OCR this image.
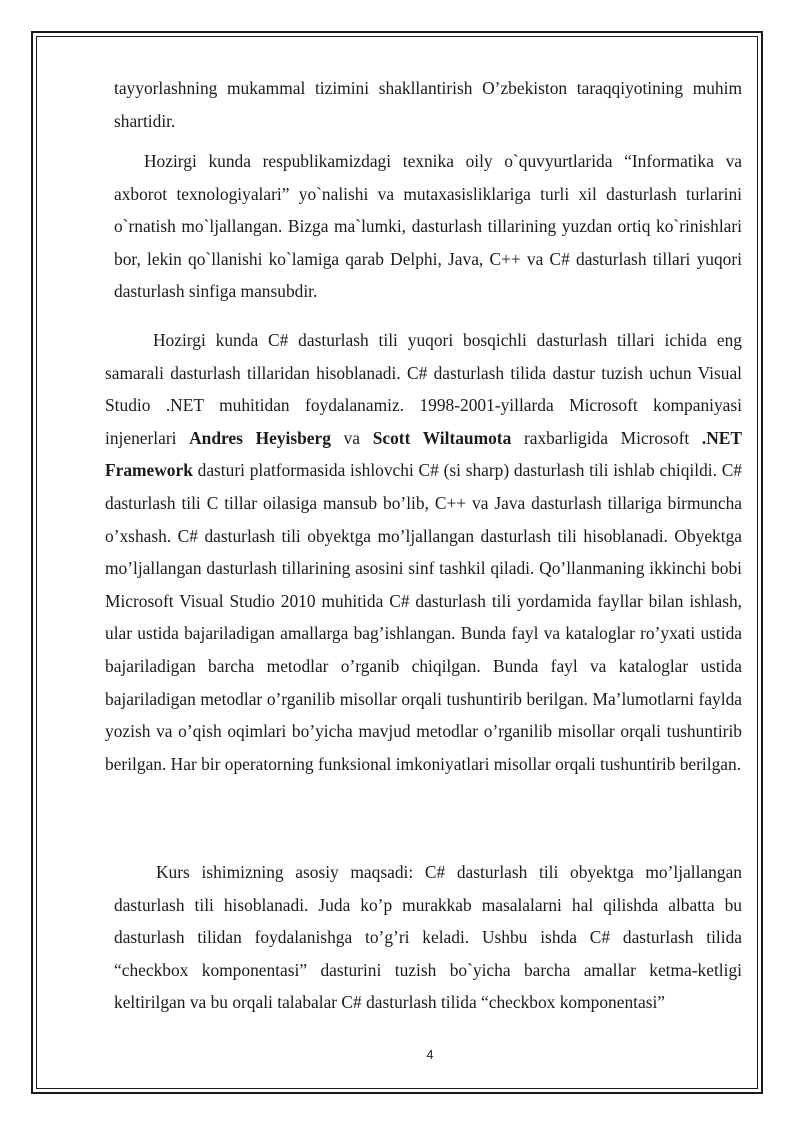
tayyorlashning mukammal tizimini shakllantirish O’zbekiston taraqqiyotining muhim shartidir.

Hozirgi kunda respublikamizdagi texnika oily o`quvyurtlarida “Informatika va axborot texnologiyalari” yo`nalishi va mutaxasisliklariga turli xil dasturlash turlarini o`rnatish mo`ljallangan. Bizga ma`lumki, dasturlash tillarining yuzdan ortiq ko`rinishlari bor, lekin qo`llanishi ko`lamiga qarab Delphi, Java, C++ va C# dasturlash tillari yuqori dasturlash sinfiga mansubdir.

Hozirgi kunda C# dasturlash tili yuqori bosqichli dasturlash tillari ichida eng samarali dasturlash tillaridan hisoblanadi. C# dasturlash tilida dastur tuzish uchun Visual Studio .NET muhitidan foydalanamiz. 1998-2001-yillarda Microsoft kompaniyasi injenerlari Andres Heyisberg va Scott Wiltaumota raxbarligida Microsoft .NET Framework dasturi platformasida ishlovchi C# (si sharp) dasturlash tili ishlab chiqildi. C# dasturlash tili C tillar oilasiga mansub bo’lib, C++ va Java dasturlash tillariga birmuncha o’xshash. C# dasturlash tili obyektga mo’ljallangan dasturlash tili hisoblanadi. Obyektga mo’ljallangan dasturlash tillarining asosini sinf tashkil qiladi. Qo’llanmaning ikkinchi bobi Microsoft Visual Studio 2010 muhitida C# dasturlash tili yordamida fayllar bilan ishlash, ular ustida bajariladigan amallarga bag’ishlangan. Bunda fayl va kataloglar ro’yxati ustida bajariladigan barcha metodlar o’rganib chiqilgan. Bunda fayl va kataloglar ustida bajariladigan metodlar o’rganilib misollar orqali tushuntirib berilgan. Ma’lumotlarni faylda yozish va o’qish oqimlari bo’yicha mavjud metodlar o’rganilib misollar orqali tushuntirib berilgan. Har bir operatorning funksional imkoniyatlari misollar orqali tushuntirib berilgan.

Kurs ishimizning asosiy maqsadi: C# dasturlash tili obyektga mo’ljallangan dasturlash tili hisoblanadi. Juda ko’p murakkab masalalarni hal qilishda albatta bu dasturlash tilidan foydalanishga to’g’ri keladi. Ushbu ishda C# dasturlash tilida “checkbox komponentasi” dasturini tuzish bo`yicha barcha amallar ketma-ketligi keltirilgan va bu orqali talabalar C# dasturlash tilida “checkbox komponentasi”

4
